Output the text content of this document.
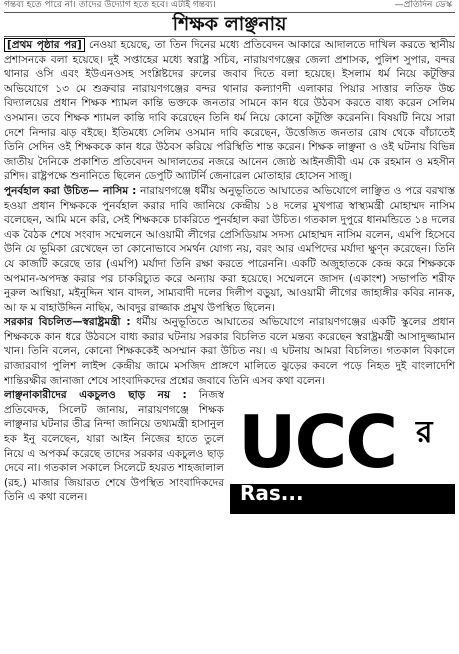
গন্তব্য হতে পারে না। তাদের উদ্যোগ হতে হবে। এটাই গন্তব্য।	—প্রতিদিন ডেস্ক
শিক্ষক লাঞ্ছনায়

[প্রথম পৃষ্ঠার পর] নেওয়া হয়েছে, তা তিন দিনের মধ্যে প্রতিবেদন আকারে আদালতে দাখিল করতে স্থানীয় প্রশাসনকে বলা হয়েছে। দুই সপ্তাহের মধ্যে স্বরাষ্ট্র সচিব, নারায়ণগঞ্জের জেলা প্রশাসক, পুলিশ সুপার, বন্দর থানার ওসি এবং ইউএনওসহ সংশ্লিষ্টদের রুলের জবাব দিতে বলা হয়েছে। ইসলাম ধর্ম নিয়ে কটূক্তির অভিযোগে ১৩ মে শুক্রবার নারায়ণগঞ্জের বন্দর থানার কল্যাণদী এলাকার পিয়ার সাত্তার লতিফ উচ্চ বিদ্যালয়ের প্রধান শিক্ষক শ্যামল কান্তি ভক্তকে জনতার সামনে কান ধরে উঠবস করতে বাধ্য করেন সেলিম ওসমান। তবে শিক্ষক শ্যামল কান্তি দাবি করেছেন তিনি ধর্ম নিয়ে কোনো কটূক্তি করেননি। বিষয়টি নিয়ে সারা দেশে নিন্দার ঝড় বইছে। ইতিমধ্যে সেলিম ওসমান দাবি করেছেন, উত্তেজিত জনতার রোষ থেকে বাঁচাতেই তিনি সেদিন ওই শিক্ষককে কান ধরে উঠবস করিয়ে পরিস্থিতি শান্ত করেন। শিক্ষক লাঞ্ছনা ও ওই ঘটনায় বিভিন্ন জাতীয় দৈনিকে প্রকাশিত প্রতিবেদন আদালতের নজরে আনেন জ্যেষ্ঠ আইনজীবী এম কে রহমান ও মহসীন রশিদ। রাষ্ট্রপক্ষে শুনানিতে ছিলেন ডেপুটি অ্যাটর্নি জেনারেল মোতাহার হোসেন সাজু।

পুনর্বহাল করা উচিত— নাসিম : নারায়ণগঞ্জে ধর্মীয় অনুভূতিতে আঘাতের অভিযোগে লাঞ্ছিত ও পরে বরখাস্ত হওয়া প্রধান শিক্ষককে পুনর্বহাল করার দাবি জানিয়ে কেন্দ্রীয় ১৪ দলের মুখপাত্র স্বাস্থ্যমন্ত্রী মোহাম্মদ নাসিম বলেছেন, আমি মনে করি, সেই শিক্ষককে চাকরিতে পুনর্বহাল করা উচিত। গতকাল দুপুরে ধানমন্ডিতে ১৪ দলের এক বৈঠক শেষে সংবাদ সম্মেলনে আওয়ামী লীগের প্রেসিডিয়াম সদস্য মোহাম্মদ নাসিম বলেন, এমপি হিসেবে উনি যে ভূমিকা রেখেছেন তা কোনোভাবে সমর্থন যোগ্য নয়, বরং আর এমপিদের মর্যাদা ক্ষুণ্ন করেছেন। তিনি যে কাজটি করেছে তার (এমপি) মর্যাদা তিনি রক্ষা করতে পারেননি। একটি অজুহাতকে কেন্দ্র করে শিক্ষককে অপমান-অপদস্ত করার পর চাকরিচ্যুত করে অন্যায় করা হয়েছে। সম্মেলনে জাসদ (একাংশ) সভাপতি শরীফ নুরুল আম্বিয়া, মইনুদ্দিন খান বাদল, সাম্যবাদী দলের দিলীপ বড়ুয়া, আওয়ামী লীগের জাহাঙ্গীর কবির নানক, আ ফ ম বাহাউদ্দিন নাছিম, আবদুর রাজ্জাক প্রমুখ উপস্থিত ছিলেন।

সরকার বিচলিত—স্বরাষ্ট্রমন্ত্রী : ধর্মীয় অনুভূতিতে আঘাতের অভিযোগে নারায়ণগঞ্জের একটি স্কুলের প্রধান শিক্ষককে কান ধরে উঠবসে বাধ্য করার ঘটনায় সরকার বিচলিত বলে মন্তব্য করেছেন স্বরাষ্ট্রমন্ত্রী আসাদুজ্জামান খান। তিনি বলেন, কোনো শিক্ষককেই অসম্মান করা উচিত নয়। এ ঘটনায় আমরা বিচলিত। গতকাল বিকালে রাজারবাগ পুলিশ লাইন্স কেন্দ্রীয় জামে মসজিদ প্রাঙ্গণে মালিতে ঝুড়ের কবলে পড়ে নিহত দুই বাংলাদেশি শান্তিরক্ষীর জানাজা শেষে সাংবাদিকদের প্রশ্নের জবাবে তিনি এসব কথা বলেন।

UCC র
Ras...

লাঞ্ছনাকারীদের একচুলও ছাড় নয় : নিজস্ব প্রতিবেদক, সিলেট জানায়, নারায়ণগঞ্জে শিক্ষক লাঞ্ছনার ঘটনার তীব্র নিন্দা জানিয়ে তথ্যমন্ত্রী হাসানুল হক ইনু বলেছেন, যারা আইন নিজের হাতে তুলে নিয়ে এ অপকর্ম করেছে তাদের সরকার একচুলও ছাড় দেবে না। গতকাল সকালে সিলেটে হযরত শাহজালাল (রহ.) মাজার জিয়ারত শেষে উপস্থিত সাংবাদিকদের তিনি এ কথা বলেন।
